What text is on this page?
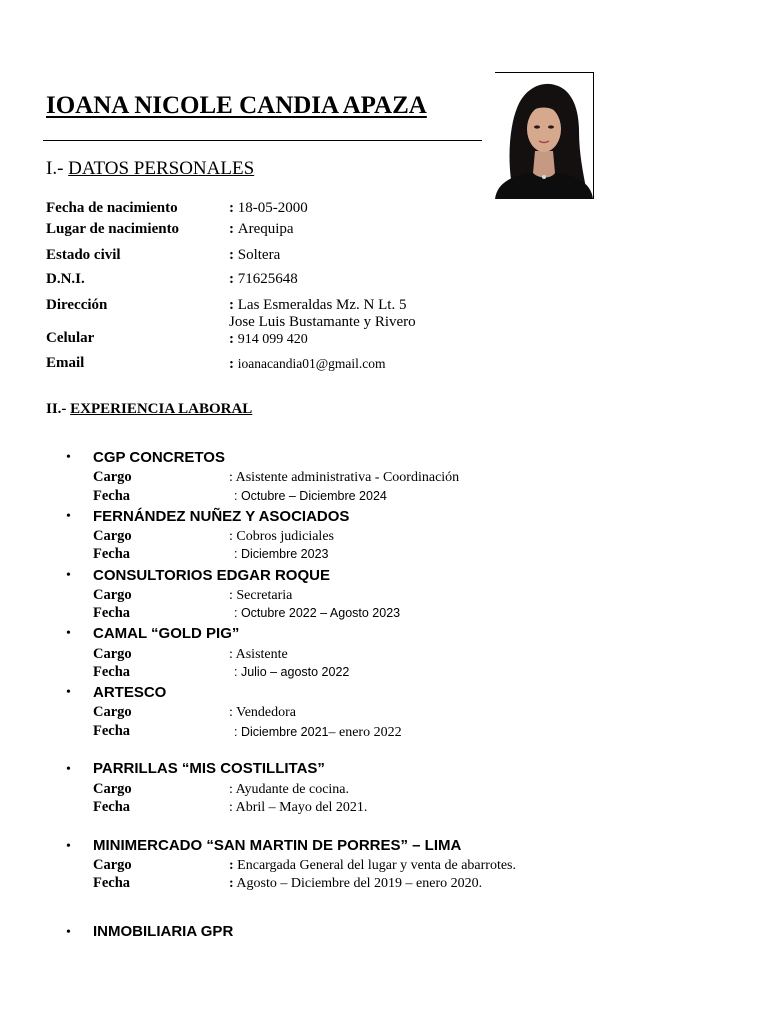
IOANA NICOLE CANDIA APAZA
I.- DATOS PERSONALES
Fecha de nacimiento	: 18-05-2000
Lugar de nacimiento	: Arequipa
Estado civil	: Soltera
D.N.I.	: 71625648
Dirección	: Las Esmeraldas Mz. N Lt. 5
Jose Luis Bustamante y Rivero
Celular	: 914 099 420
Email	: ioanacandia01@gmail.com
II.- EXPERIENCIA LABORAL
• CGP CONCRETOS
Cargo	: Asistente administrativa - Coordinación
Fecha	: Octubre – Diciembre 2024
• FERNÁNDEZ NUÑEZ Y ASOCIADOS
Cargo	: Cobros judiciales
Fecha	: Diciembre 2023
• CONSULTORIOS EDGAR ROQUE
Cargo	: Secretaria
Fecha	: Octubre 2022 – Agosto 2023
• CAMAL “GOLD PIG”
Cargo	: Asistente
Fecha	: Julio – agosto 2022
• ARTESCO
Cargo	: Vendedora
Fecha	: Diciembre 2021– enero 2022
• PARRILLAS “MIS COSTILLITAS”
Cargo	: Ayudante de cocina.
Fecha	: Abril – Mayo del 2021.
• MINIMERCADO “SAN MARTIN DE PORRES” – LIMA
Cargo	: Encargada General del lugar y venta de abarrotes.
Fecha	: Agosto – Diciembre del 2019 – enero 2020.
• INMOBILIARIA GPR
